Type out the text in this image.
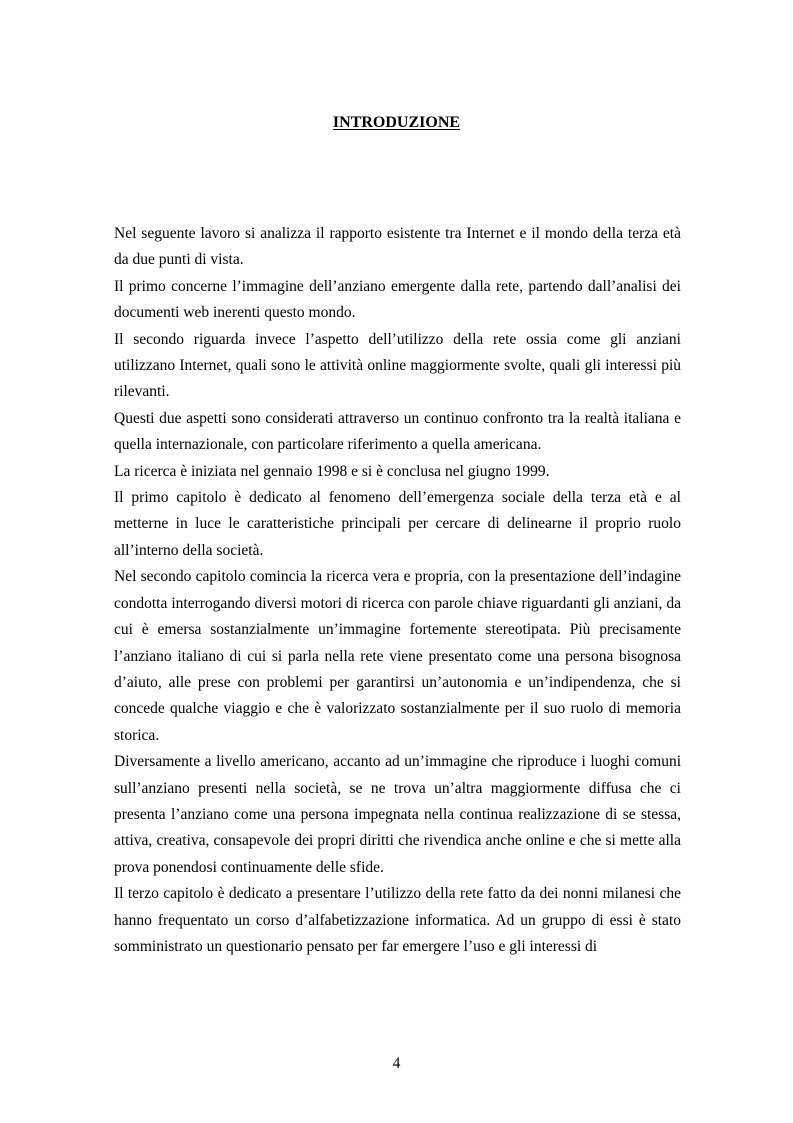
INTRODUZIONE

Nel seguente lavoro si analizza il rapporto esistente tra Internet e il mondo della terza età da due punti di vista.

Il primo concerne l’immagine dell’anziano emergente dalla rete, partendo dall’analisi dei documenti web inerenti questo mondo.

Il secondo riguarda invece l’aspetto dell’utilizzo della rete ossia come gli anziani utilizzano Internet, quali sono le attività online maggiormente svolte, quali gli interessi più rilevanti.

Questi due aspetti sono considerati attraverso un continuo confronto tra la realtà italiana e quella internazionale, con particolare riferimento a quella americana.

La ricerca è iniziata nel gennaio 1998 e si è conclusa nel giugno 1999.

Il primo capitolo è dedicato al fenomeno dell’emergenza sociale della terza età e al metterne in luce le caratteristiche principali per cercare di delinearne il proprio ruolo all’interno della società.

Nel secondo capitolo comincia la ricerca vera e propria, con la presentazione dell’indagine condotta interrogando diversi motori di ricerca con parole chiave riguardanti gli anziani, da cui è emersa sostanzialmente un’immagine fortemente stereotipata. Più precisamente l’anziano italiano di cui si parla nella rete viene presentato come una persona bisognosa d’aiuto, alle prese con problemi per garantirsi un’autonomia e un’indipendenza, che si concede qualche viaggio e che è valorizzato sostanzialmente per il suo ruolo di memoria storica.

Diversamente a livello americano, accanto ad un’immagine che riproduce i luoghi comuni sull’anziano presenti nella società, se ne trova un’altra maggiormente diffusa che ci presenta l’anziano come una persona impegnata nella continua realizzazione di se stessa, attiva, creativa, consapevole dei propri diritti che rivendica anche online e che si mette alla prova ponendosi continuamente delle sfide.

Il terzo capitolo è dedicato a presentare l’utilizzo della rete fatto da dei nonni milanesi che hanno frequentato un corso d’alfabetizzazione informatica. Ad un gruppo di essi è stato somministrato un questionario pensato per far emergere l’uso e gli interessi di

4
